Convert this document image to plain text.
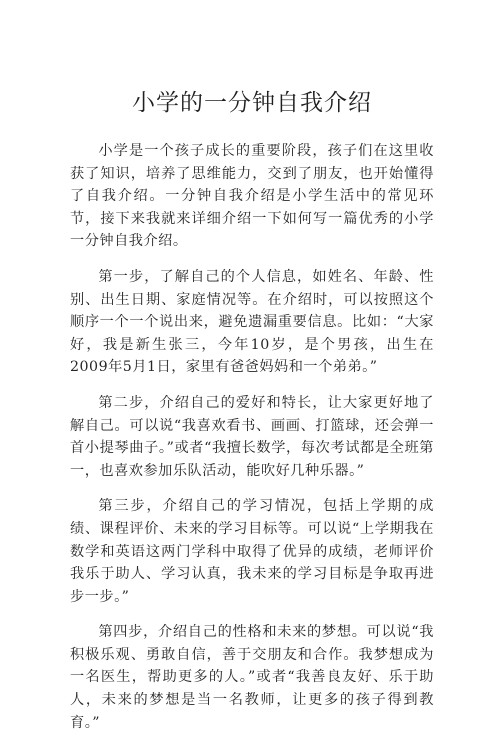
小学的一分钟自我介绍

小学是一个孩子成长的重要阶段，孩子们在这里收获了知识，培养了思维能力，交到了朋友，也开始懂得了自我介绍。一分钟自我介绍是小学生活中的常见环节，接下来我就来详细介绍一下如何写一篇优秀的小学一分钟自我介绍。

第一步，了解自己的个人信息，如姓名、年龄、性别、出生日期、家庭情况等。在介绍时，可以按照这个顺序一个一个说出来，避免遗漏重要信息。比如：“大家好，我是新生张三，今年10岁，是个男孩，出生在2009年5月1日，家里有爸爸妈妈和一个弟弟。”

第二步，介绍自己的爱好和特长，让大家更好地了解自己。可以说“我喜欢看书、画画、打篮球，还会弹一首小提琴曲子。”或者“我擅长数学，每次考试都是全班第一，也喜欢参加乐队活动，能吹好几种乐器。”

第三步，介绍自己的学习情况，包括上学期的成绩、课程评价、未来的学习目标等。可以说“上学期我在数学和英语这两门学科中取得了优异的成绩，老师评价我乐于助人、学习认真，我未来的学习目标是争取再进步一步。”

第四步，介绍自己的性格和未来的梦想。可以说“我积极乐观、勇敢自信，善于交朋友和合作。我梦想成为一名医生，帮助更多的人。”或者“我善良友好、乐于助人，未来的梦想是当一名教师，让更多的孩子得到教育。”
